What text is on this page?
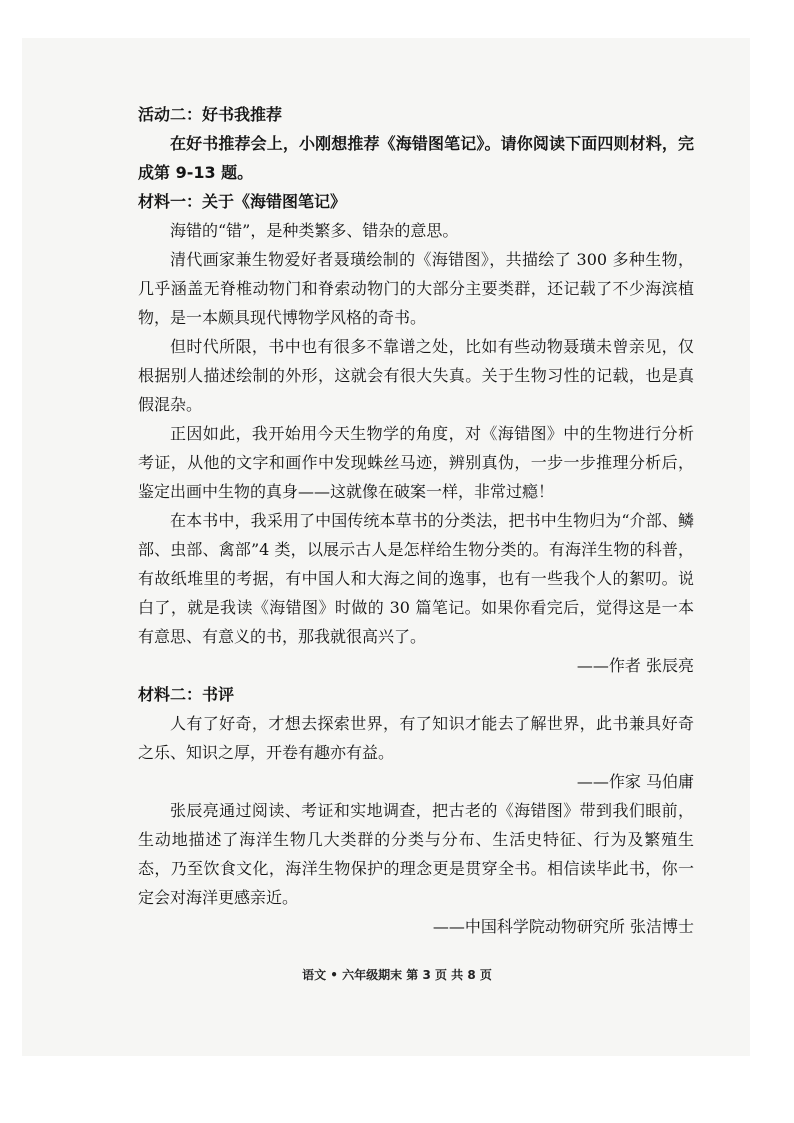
活动二：好书我推荐

在好书推荐会上，小刚想推荐《海错图笔记》。请你阅读下面四则材料，完成第 9-13 题。

材料一：关于《海错图笔记》

海错的“错”，是种类繁多、错杂的意思。

清代画家兼生物爱好者聂璜绘制的《海错图》，共描绘了 300 多种生物，几乎涵盖无脊椎动物门和脊索动物门的大部分主要类群，还记载了不少海滨植物，是一本颇具现代博物学风格的奇书。

但时代所限，书中也有很多不靠谱之处，比如有些动物聂璜未曾亲见，仅根据别人描述绘制的外形，这就会有很大失真。关于生物习性的记载，也是真假混杂。

正因如此，我开始用今天生物学的角度，对《海错图》中的生物进行分析考证，从他的文字和画作中发现蛛丝马迹，辨别真伪，一步一步推理分析后，鉴定出画中生物的真身——这就像在破案一样，非常过瘾！

在本书中，我采用了中国传统本草书的分类法，把书中生物归为“介部、鳞部、虫部、禽部”4 类，以展示古人是怎样给生物分类的。有海洋生物的科普，有故纸堆里的考据，有中国人和大海之间的逸事，也有一些我个人的絮叨。说白了，就是我读《海错图》时做的 30 篇笔记。如果你看完后，觉得这是一本有意思、有意义的书，那我就很高兴了。

——作者 张辰亮

材料二：书评

人有了好奇，才想去探索世界，有了知识才能去了解世界，此书兼具好奇之乐、知识之厚，开卷有趣亦有益。

——作家 马伯庸

张辰亮通过阅读、考证和实地调查，把古老的《海错图》带到我们眼前，生动地描述了海洋生物几大类群的分类与分布、生活史特征、行为及繁殖生态，乃至饮食文化，海洋生物保护的理念更是贯穿全书。相信读毕此书，你一定会对海洋更感亲近。

——中国科学院动物研究所 张洁博士

语文 • 六年级期末 第 3 页 共 8 页
